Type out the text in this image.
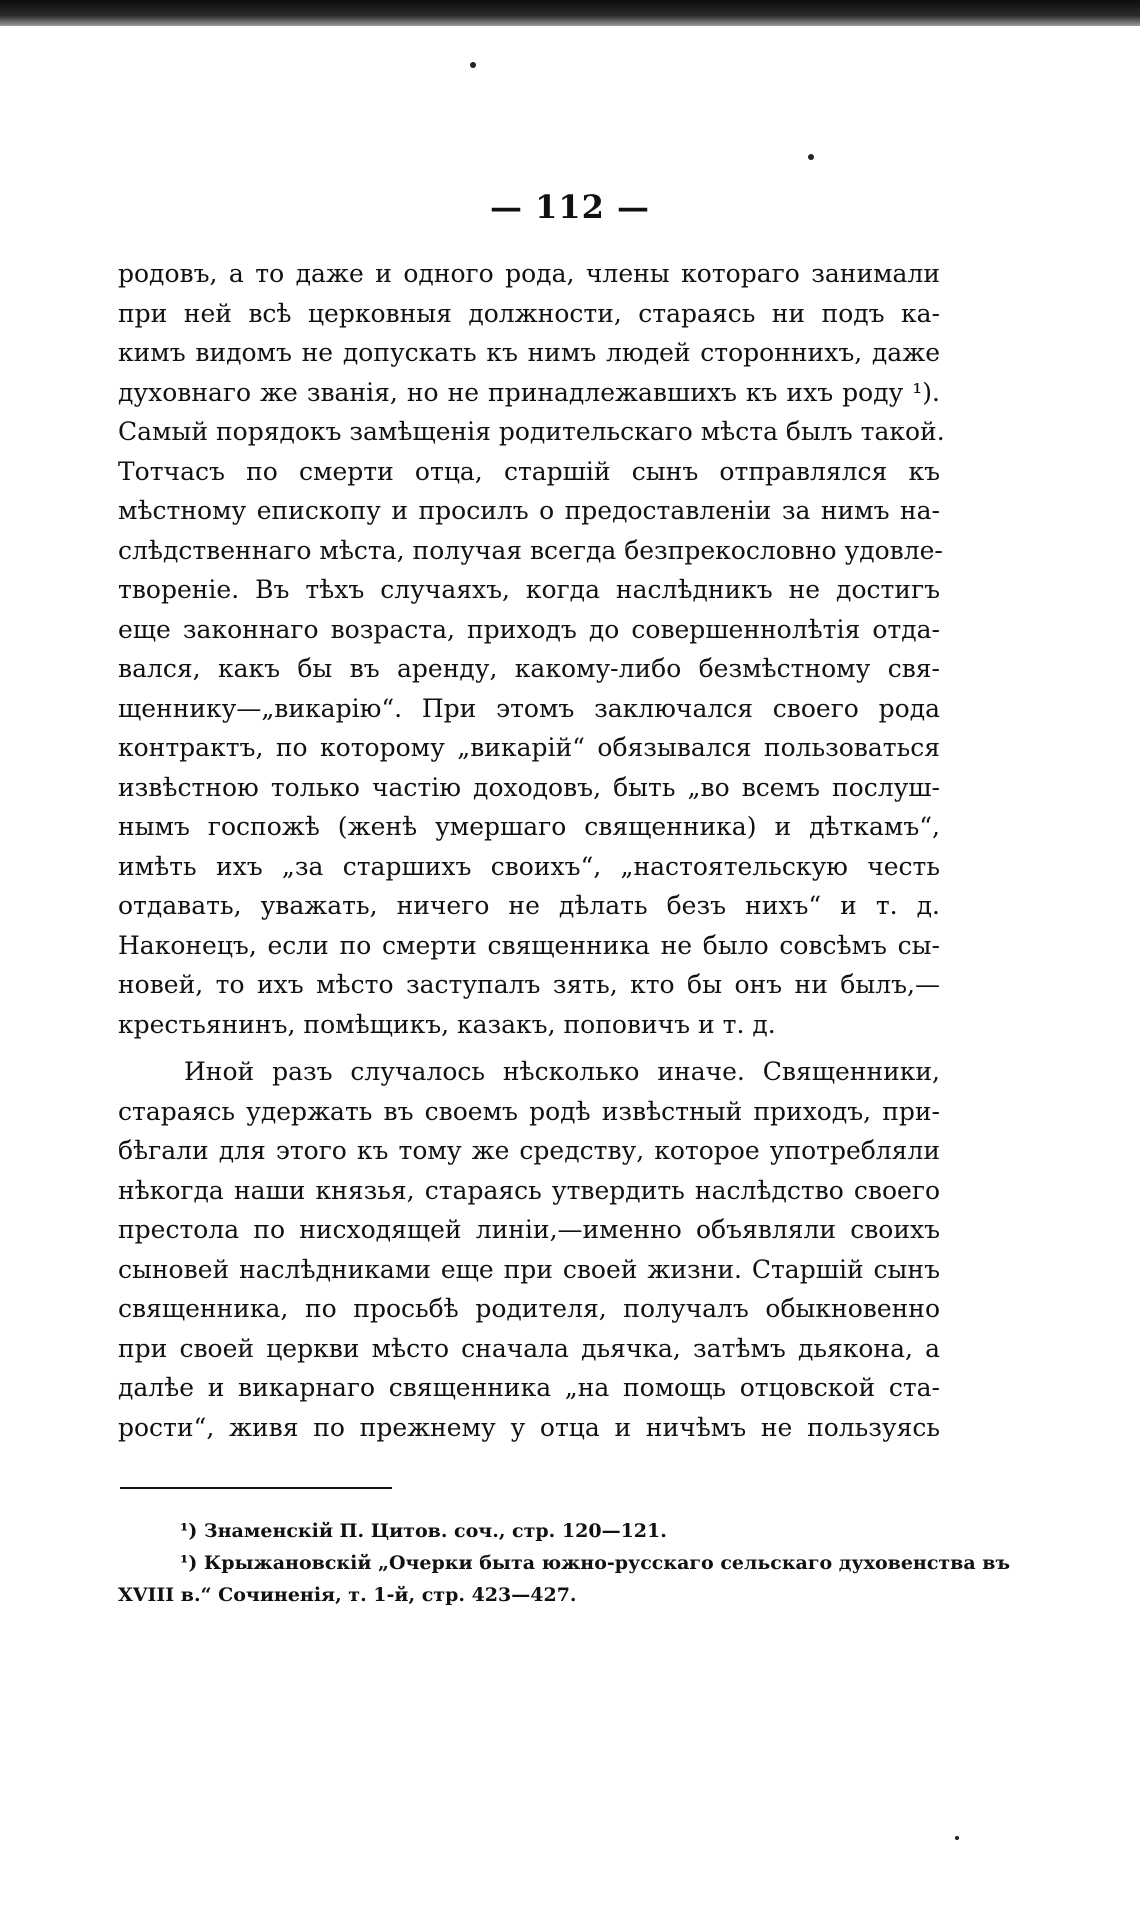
— 112 —
родовъ, а то даже и одного рода, члены котораго занимали
при ней всѣ церковныя должности, стараясь ни подъ ка-
кимъ видомъ не допускать къ нимъ людей стороннихъ, даже
духовнаго же званія, но не принадлежавшихъ къ ихъ роду ¹).
Самый порядокъ замѣщенія родительскаго мѣста былъ такой.
Тотчасъ по смерти отца, старшій сынъ отправлялся къ
мѣстному епископу и просилъ о предоставленіи за нимъ на-
слѣдственнаго мѣста, получая всегда безпрекословно удовле-
твореніе. Въ тѣхъ случаяхъ, когда наслѣдникъ не достигъ
еще законнаго возраста, приходъ до совершеннолѣтія отда-
вался, какъ бы въ аренду, какому-либо безмѣстному свя-
щеннику—„викарію“. При этомъ заключался своего рода
контрактъ, по которому „викарій“ обязывался пользоваться
извѣстною только частію доходовъ, быть „во всемъ послуш-
нымъ госпожѣ (женѣ умершаго священника) и дѣткамъ“,
имѣть ихъ „за старшихъ своихъ“, „настоятельскую честь
отдавать, уважать, ничего не дѣлать безъ нихъ“ и т. д.
Наконецъ, если по смерти священника не было совсѣмъ сы-
новей, то ихъ мѣсто заступалъ зять, кто бы онъ ни былъ,—
крестьянинъ, помѣщикъ, казакъ, поповичъ и т. д.
Иной разъ случалось нѣсколько иначе. Священники,
стараясь удержать въ своемъ родѣ извѣстный приходъ, при-
бѣгали для этого къ тому же средству, которое употребляли
нѣкогда наши князья, стараясь утвердить наслѣдство своего
престола по нисходящей линіи,—именно объявляли своихъ
сыновей наслѣдниками еще при своей жизни. Старшій сынъ
священника, по просьбѣ родителя, получалъ обыкновенно
при своей церкви мѣсто сначала дьячка, затѣмъ дьякона, а
далѣе и викарнаго священника „на помощь отцовской ста-
рости“, живя по прежнему у отца и ничѣмъ не пользуясь
¹) Знаменскій П. Цитов. соч., стр. 120—121.
¹) Крыжановскій „Очерки быта южно-русскаго сельскаго духовенства въ
XVIII в.“ Сочиненія, т. 1-й, стр. 423—427.
